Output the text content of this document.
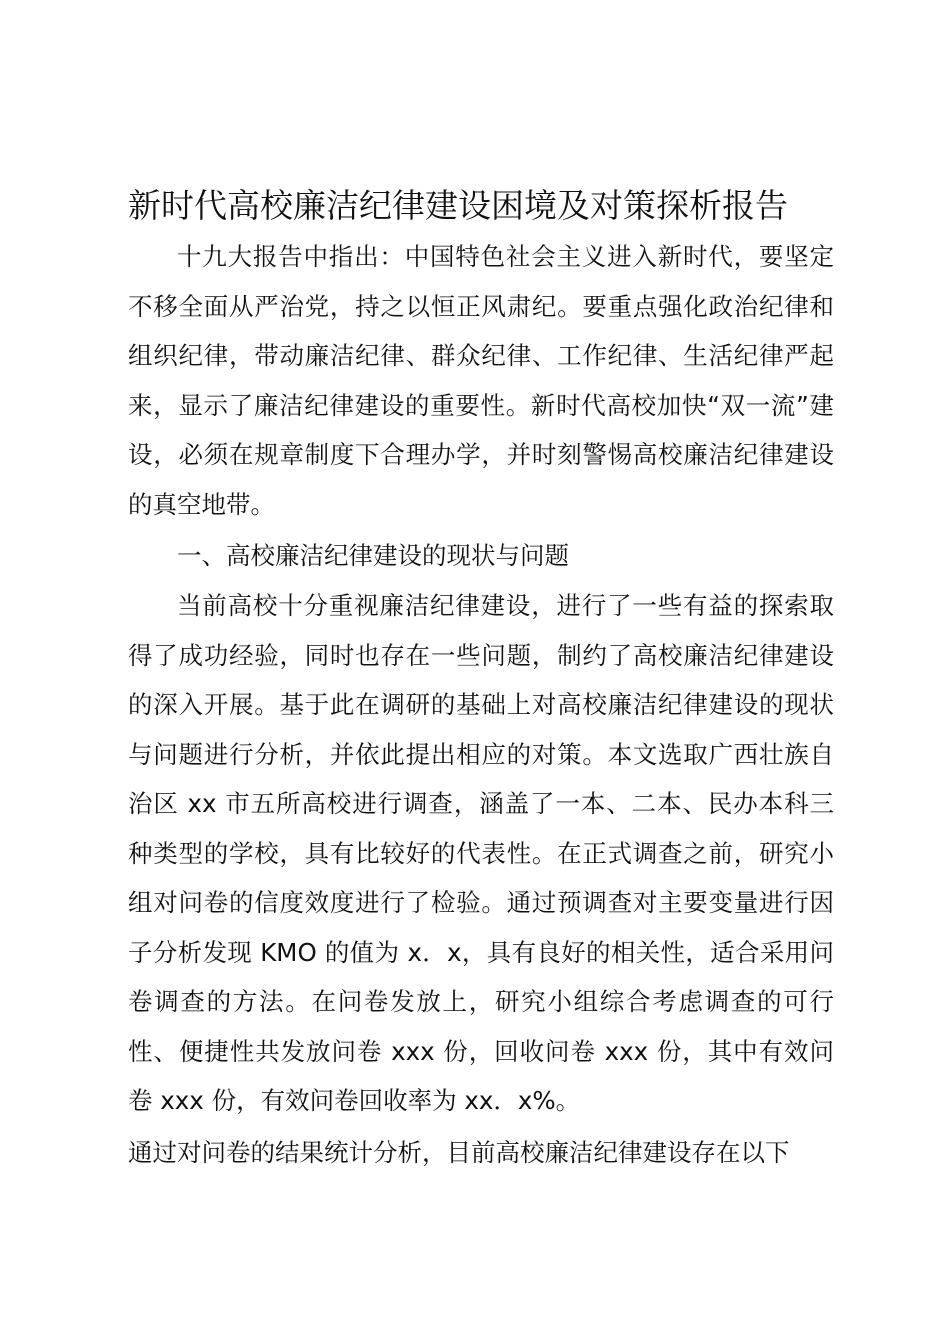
新时代高校廉洁纪律建设困境及对策探析报告
十九大报告中指出：中国特色社会主义进入新时代，要坚定不移全面从严治党，持之以恒正风肃纪。要重点强化政治纪律和组织纪律，带动廉洁纪律、群众纪律、工作纪律、生活纪律严起来，显示了廉洁纪律建设的重要性。新时代高校加快“双一流”建设，必须在规章制度下合理办学，并时刻警惕高校廉洁纪律建设的真空地带。
一、高校廉洁纪律建设的现状与问题
当前高校十分重视廉洁纪律建设，进行了一些有益的探索取得了成功经验，同时也存在一些问题，制约了高校廉洁纪律建设的深入开展。基于此在调研的基础上对高校廉洁纪律建设的现状与问题进行分析，并依此提出相应的对策。本文选取广西壮族自治区 xx 市五所高校进行调查，涵盖了一本、二本、民办本科三种类型的学校，具有比较好的代表性。在正式调查之前，研究小组对问卷的信度效度进行了检验。通过预调查对主要变量进行因子分析发现 KMO 的值为 x．x，具有良好的相关性，适合采用问卷调查的方法。在问卷发放上，研究小组综合考虑调查的可行性、便捷性共发放问卷 xxx 份，回收问卷 xxx 份，其中有效问卷 xxx 份，有效问卷回收率为 xx．x%。
通过对问卷的结果统计分析，目前高校廉洁纪律建设存在以下
